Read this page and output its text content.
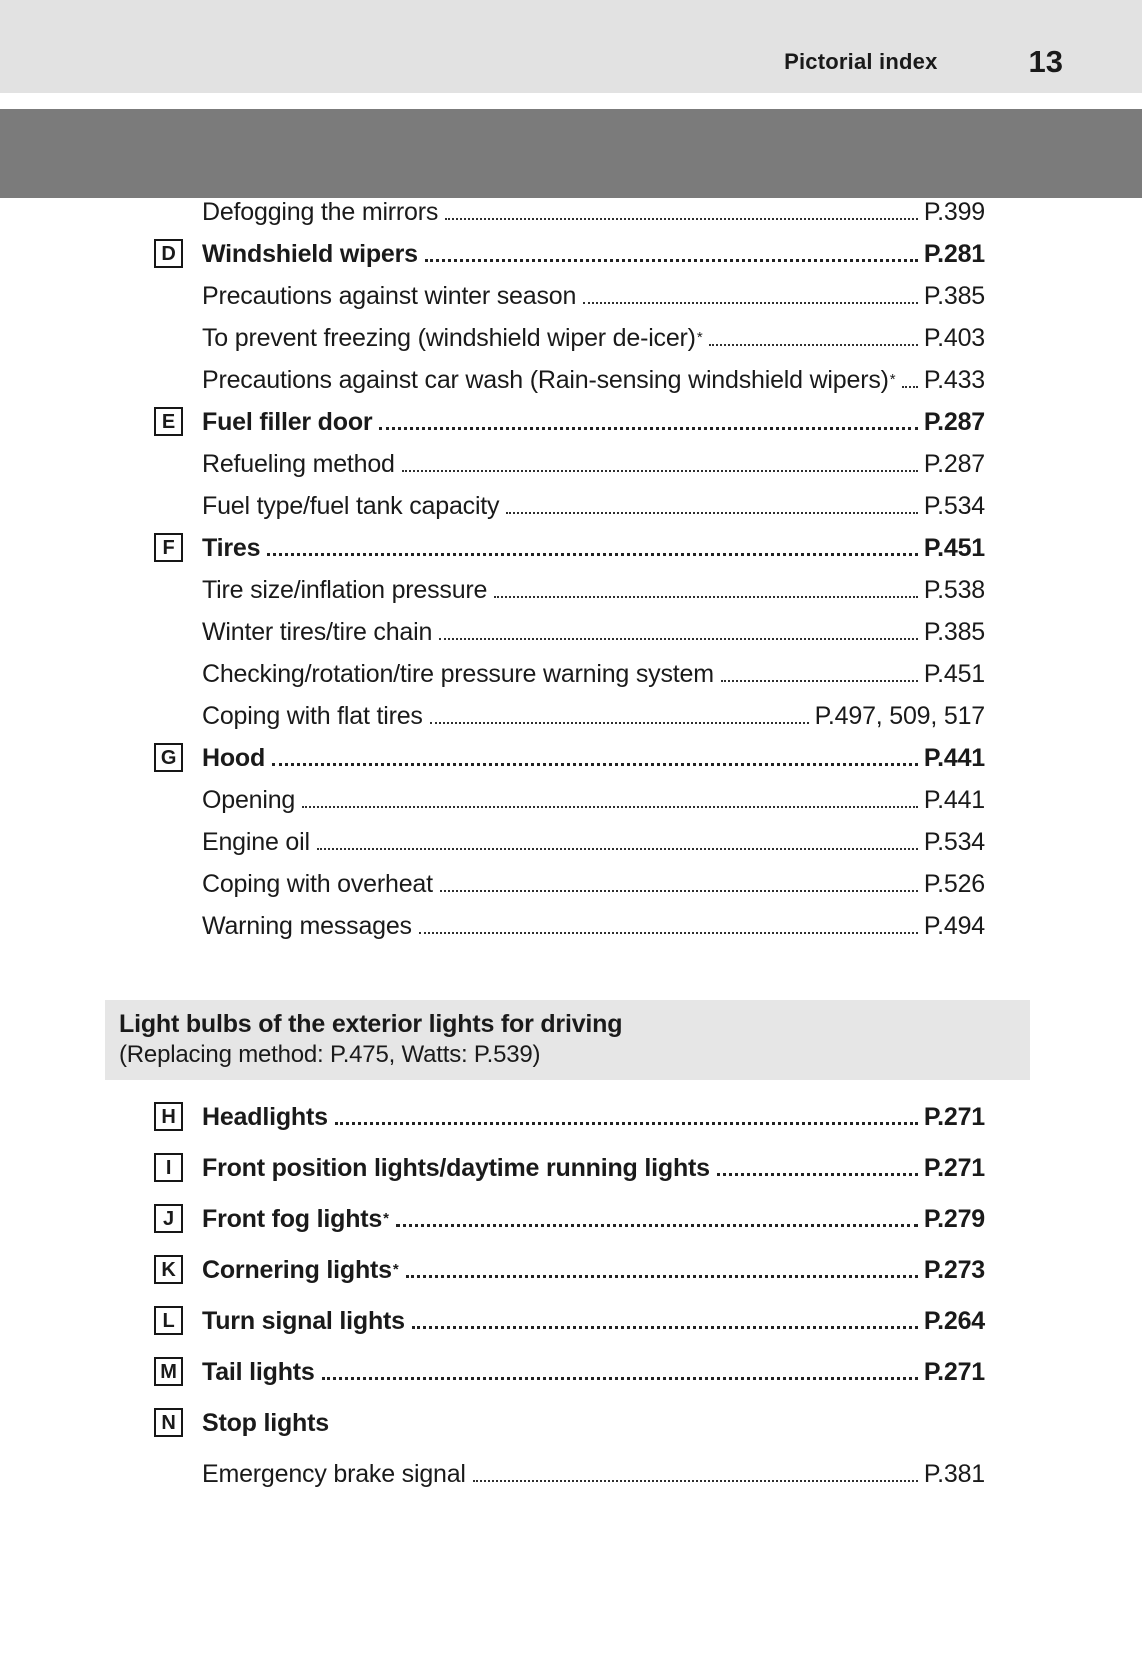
Pictorial index	13
Defogging the mirrors	P.399
D Windshield wipers	P.281
Precautions against winter season	P.385
To prevent freezing (windshield wiper de-icer)*	P.403
Precautions against car wash (Rain-sensing windshield wipers)* P.433
E Fuel filler door	P.287
Refueling method	P.287
Fuel type/fuel tank capacity	P.534
F Tires	P.451
Tire size/inflation pressure	P.538
Winter tires/tire chain	P.385
Checking/rotation/tire pressure warning system	P.451
Coping with flat tires	P.497, 509, 517
G Hood	P.441
Opening	P.441
Engine oil	P.534
Coping with overheat	P.526
Warning messages	P.494
Light bulbs of the exterior lights for driving
(Replacing method: P.475, Watts: P.539)
H Headlights	P.271
I Front position lights/daytime running lights	P.271
J Front fog lights*	P.279
K Cornering lights*	P.273
L Turn signal lights	P.264
M Tail lights	P.271
N Stop lights
Emergency brake signal	P.381
